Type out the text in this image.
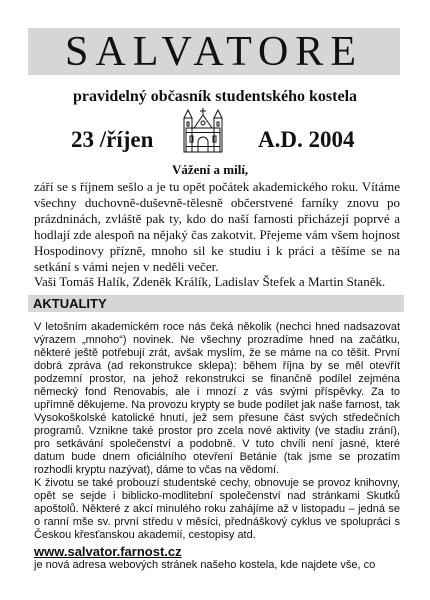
SALVATORE
pravidelný občasník studentského kostela
23 /říjen	A.D. 2004
Vážení a milí,

září se s říjnem sešlo a je tu opět počátek akademického roku. Vítáme všechny duchovně-duševně-tělesně občerstvené farníky znovu po prázdninách, zvláště pak ty, kdo do naší farnosti přicházejí poprvé a hodlají zde alespoň na nějaký čas zakotvit. Přejeme vám všem hojnost Hospodinovy přízně, mnoho sil ke studiu i k práci a těšíme se na setkání s vámi nejen v neděli večer.

Vaši Tomáš Halík, Zdeněk Králík, Ladislav Štefek a Martin Staněk.
AKTUALITY

V letošním akademickém roce nás čeká několik (nechci hned nadsazovat výrazem „mnoho“) novinek. Ne všechny prozradíme hned na začátku, některé ještě potřebují zrát, avšak myslím, že se máme na co těšit. První dobrá zpráva (ad rekonstrukce sklepa): během října by se měl otevřít podzemní prostor, na jehož rekonstrukci se finančně podílel zejména německý fond Renovabis, ale i mnozí z vás svými příspěvky. Za to upřímně děkujeme. Na provozu krypty se bude podílet jak naše farnost, tak Vysokoškolské katolické hnutí, jež sem přesune část svých středečních programů. Vznikne také prostor pro zcela nové aktivity (ve stadiu zrání), pro setkávání společenství a podobně. V tuto chvíli není jasné, které datum bude dnem oficiálního otevření Betánie (tak jsme se prozatím rozhodli kryptu nazývat), dáme to včas na vědomí.

K životu se také probouzí studentské cechy, obnovuje se provoz knihovny, opět se sejde i biblicko-modlitební společenství nad stránkami Skutků apoštolů. Některé z akcí minulého roku zahájíme až v listopadu – jedná se o ranní mše sv. první středu v měsíci, přednáškový cyklus ve spolupráci s Českou křesťanskou akademií, cestopisy atd.

www.salvator.farnost.cz
je nová adresa webových stránek našeho kostela, kde najdete vše, co
